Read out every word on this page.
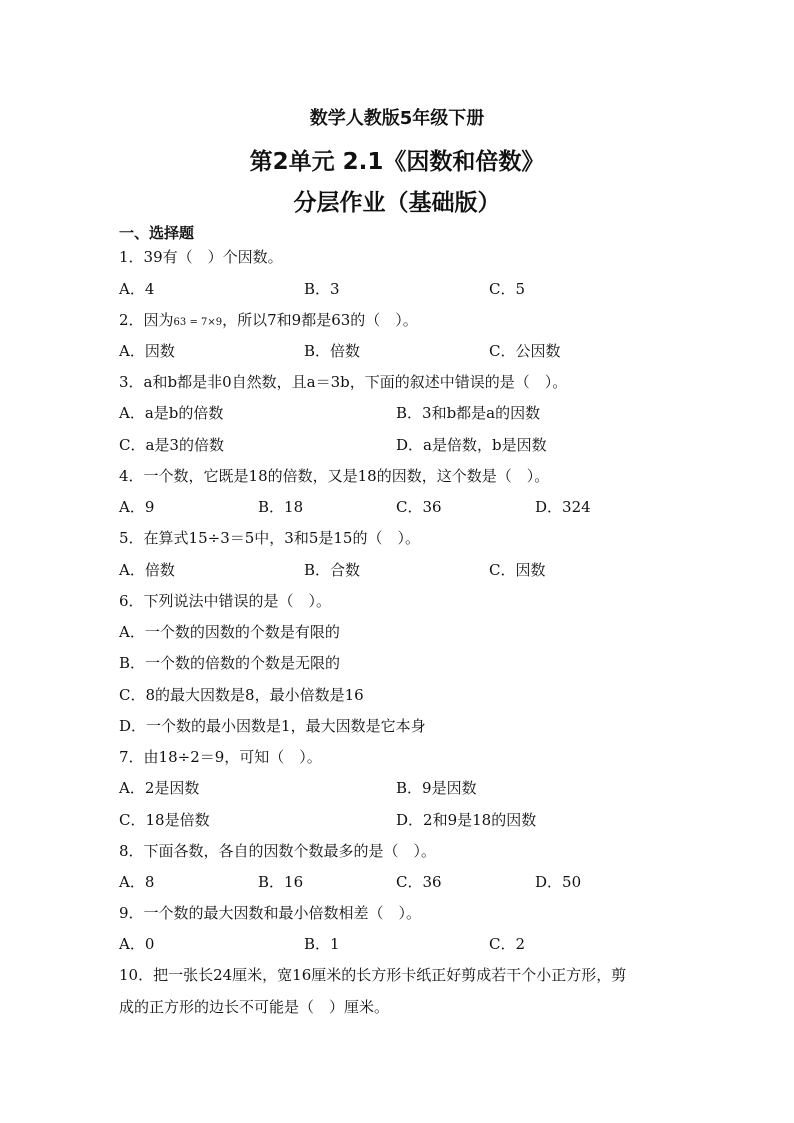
数学人教版5年级下册
第2单元 2.1《因数和倍数》
分层作业（基础版）
一、选择题
1．39有（　）个因数。
A．4	B．3	C．5
2．因为63 = 7×9，所以7和9都是63的（　）。
A．因数	B．倍数	C．公因数
3．a和b都是非0自然数，且a＝3b，下面的叙述中错误的是（　）。
A．a是b的倍数	B．3和b都是a的因数
C．a是3的倍数	D．a是倍数，b是因数
4．一个数，它既是18的倍数，又是18的因数，这个数是（　）。
A．9	B．18	C．36	D．324
5．在算式15÷3＝5中，3和5是15的（　）。
A．倍数	B．合数	C．因数
6．下列说法中错误的是（　）。
A．一个数的因数的个数是有限的
B．一个数的倍数的个数是无限的
C．8的最大因数是8，最小倍数是16
D．一个数的最小因数是1，最大因数是它本身
7．由18÷2＝9，可知（　）。
A．2是因数	B．9是因数
C．18是倍数	D．2和9是18的因数
8．下面各数，各自的因数个数最多的是（　）。
A．8	B．16	C．36	D．50
9．一个数的最大因数和最小倍数相差（　）。
A．0	B．1	C．2
10．把一张长24厘米，宽16厘米的长方形卡纸正好剪成若干个小正方形，剪
成的正方形的边长不可能是（　）厘米。
